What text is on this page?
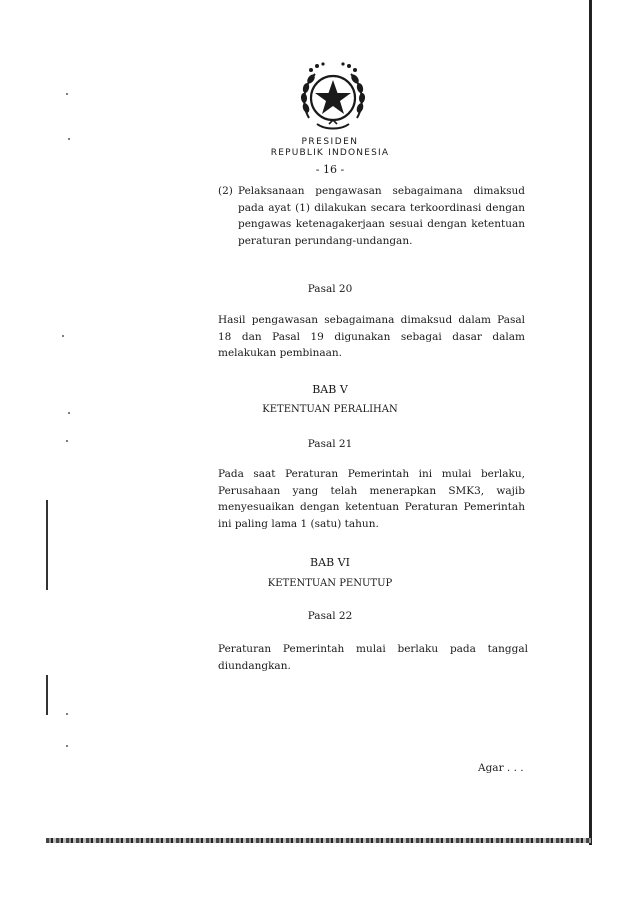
PRESIDEN
REPUBLIK INDONESIA
- 16 -
(2) Pelaksanaan pengawasan sebagaimana dimaksud pada ayat (1) dilakukan secara terkoordinasi dengan pengawas ketenagakerjaan sesuai dengan ketentuan peraturan perundang-undangan.
Pasal 20
Hasil pengawasan sebagaimana dimaksud dalam Pasal 18 dan Pasal 19 digunakan sebagai dasar dalam melakukan pembinaan.
BAB V
KETENTUAN PERALIHAN
Pasal 21
Pada saat Peraturan Pemerintah ini mulai berlaku, Perusahaan yang telah menerapkan SMK3, wajib menyesuaikan dengan ketentuan Peraturan Pemerintah ini paling lama 1 (satu) tahun.
BAB VI
KETENTUAN PENUTUP
Pasal 22
Peraturan Pemerintah mulai berlaku pada tanggal diundangkan.
Agar . . .
